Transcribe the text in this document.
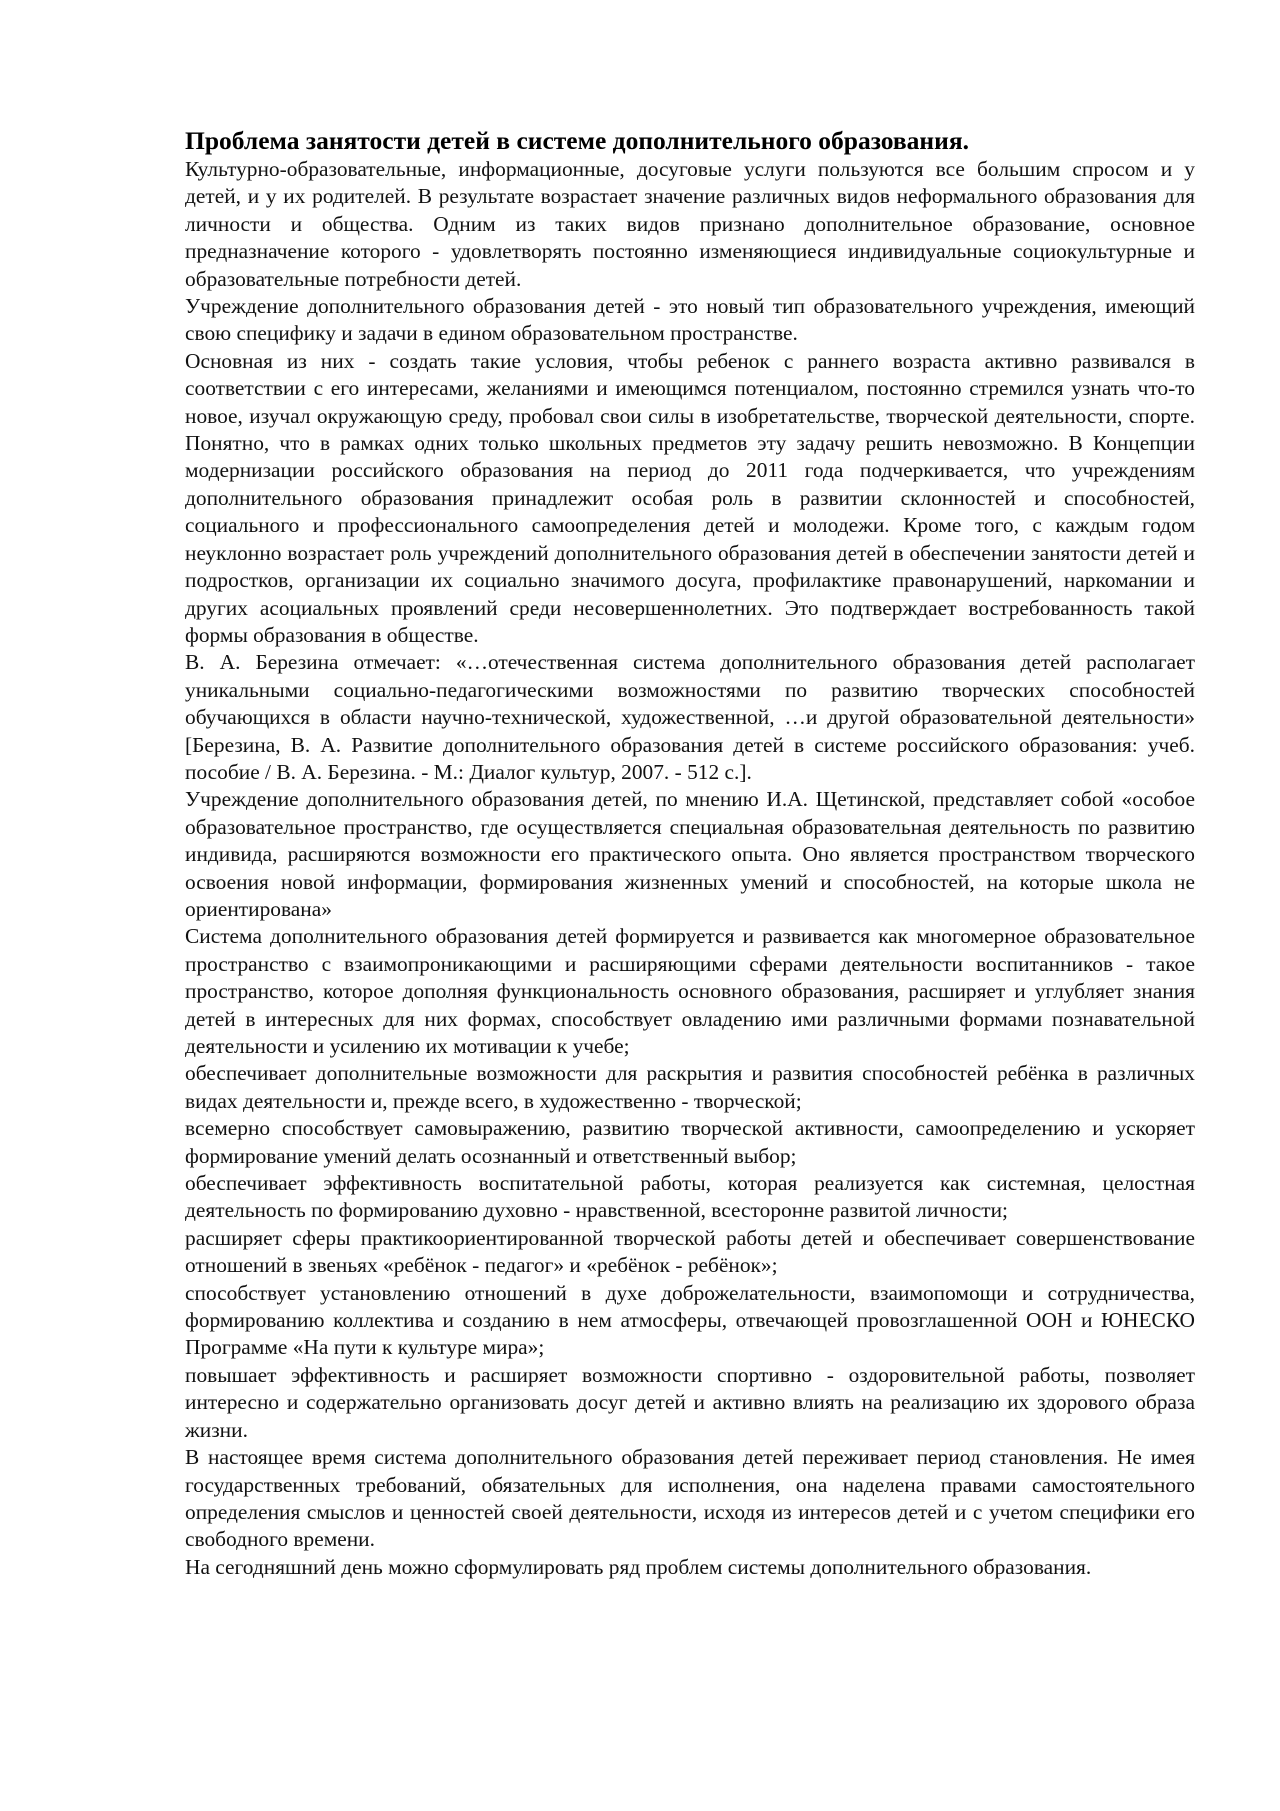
Проблема занятости детей в системе дополнительного образования.

Культурно-образовательные, информационные, досуговые услуги пользуются все большим спросом и у детей, и у их родителей. В результате возрастает значение различных видов неформального образования для личности и общества. Одним из таких видов признано дополнительное образование, основное предназначение которого - удовлетворять постоянно изменяющиеся индивидуальные социокультурные и образовательные потребности детей.

Учреждение дополнительного образования детей - это новый тип образовательного учреждения, имеющий свою специфику и задачи в едином образовательном пространстве.

Основная из них - создать такие условия, чтобы ребенок с раннего возраста активно развивался в соответствии с его интересами, желаниями и имеющимся потенциалом, постоянно стремился узнать что-то новое, изучал окружающую среду, пробовал свои силы в изобретательстве, творческой деятельности, спорте. Понятно, что в рамках одних только школьных предметов эту задачу решить невозможно. В Концепции модернизации российского образования на период до 2011 года подчеркивается, что учреждениям дополнительного образования принадлежит особая роль в развитии склонностей и способностей, социального и профессионального самоопределения детей и молодежи. Кроме того, с каждым годом неуклонно возрастает роль учреждений дополнительного образования детей в обеспечении занятости детей и подростков, организации их социально значимого досуга, профилактике правонарушений, наркомании и других асоциальных проявлений среди несовершеннолетних. Это подтверждает востребованность такой формы образования в обществе.

В. А. Березина отмечает: «…отечественная система дополнительного образования детей располагает уникальными социально-педагогическими возможностями по развитию творческих способностей обучающихся в области научно-технической, художественной, …и другой образовательной деятельности» [Березина, В. А. Развитие дополнительного образования детей в системе российского образования: учеб. пособие / В. А. Березина. - М.: Диалог культур, 2007. - 512 с.].

Учреждение дополнительного образования детей, по мнению И.А. Щетинской, представляет собой «особое образовательное пространство, где осуществляется специальная образовательная деятельность по развитию индивида, расширяются возможности его практического опыта. Оно является пространством творческого освоения новой информации, формирования жизненных умений и способностей, на которые школа не ориентирована»

Система дополнительного образования детей формируется и развивается как многомерное образовательное пространство с взаимопроникающими и расширяющими сферами деятельности воспитанников - такое пространство, которое дополняя функциональность основного образования, расширяет и углубляет знания детей в интересных для них формах, способствует овладению ими различными формами познавательной деятельности и усилению их мотивации к учебе;

обеспечивает дополнительные возможности для раскрытия и развития способностей ребёнка в различных видах деятельности и, прежде всего, в художественно - творческой;

всемерно способствует самовыражению, развитию творческой активности, самоопределению и ускоряет формирование умений делать осознанный и ответственный выбор;

обеспечивает эффективность воспитательной работы, которая реализуется как системная, целостная деятельность по формированию духовно - нравственной, всесторонне развитой личности;

расширяет сферы практикоориентированной творческой работы детей и обеспечивает совершенствование отношений в звеньях «ребёнок - педагог» и «ребёнок - ребёнок»;

способствует установлению отношений в духе доброжелательности, взаимопомощи и сотрудничества, формированию коллектива и созданию в нем атмосферы, отвечающей провозглашенной ООН и ЮНЕСКО Программе «На пути к культуре мира»;

повышает эффективность и расширяет возможности спортивно - оздоровительной работы, позволяет интересно и содержательно организовать досуг детей и активно влиять на реализацию их здорового образа жизни.

В настоящее время система дополнительного образования детей переживает период становления. Не имея государственных требований, обязательных для исполнения, она наделена правами самостоятельного определения смыслов и ценностей своей деятельности, исходя из интересов детей и с учетом специфики его свободного времени.

На сегодняшний день можно сформулировать ряд проблем системы дополнительного образования.
